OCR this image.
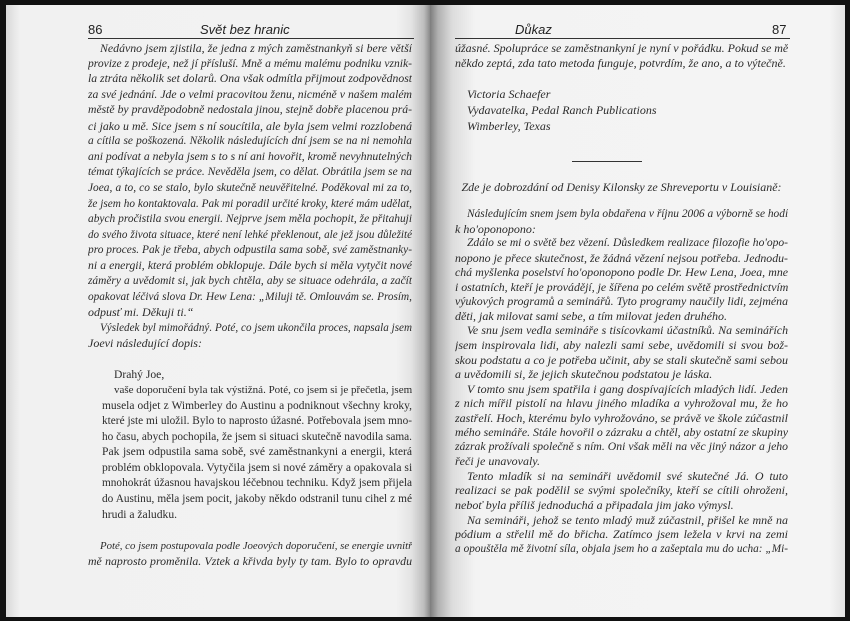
86	Svět bez hranic	Důkaz	87
Nedávno jsem zjistila, že jedna z mých zaměstnankyň si bere větší
provize z prodeje, než jí přísluší. Mně a mému malému podniku vznik-
la ztráta několik set dolarů. Ona však odmítla přijmout zodpovědnost
za své jednání. Jde o velmi pracovitou ženu, nicméně v našem malém
městě by pravděpodobně nedostala jinou, stejně dobře placenou prá-
ci jako u mě. Sice jsem s ní soucítila, ale byla jsem velmi rozzlobená
a cítila se poškozená. Několik následujících dní jsem se na ni nemohla
ani podívat a nebyla jsem s to s ní ani hovořit, kromě nevyhnutelných
témat týkajících se práce. Nevěděla jsem, co dělat. Obrátila jsem se na
Joea, a to, co se stalo, bylo skutečně neuvěřitelné. Poděkoval mi za to,
že jsem ho kontaktovala. Pak mi poradil určité kroky, které mám udělat,
abych pročistila svou energii. Nejprve jsem měla pochopit, že přitahuji
do svého života situace, které není lehké překlenout, ale jež jsou důležité
pro proces. Pak je třeba, abych odpustila sama sobě, své zaměstnanky-
ni a energii, která problém obklopuje. Dále bych si měla vytyčit nové
záměry a uvědomit si, jak bych chtěla, aby se situace odehrála, a začít
opakovat léčivá slova Dr. Hew Lena: „Miluji tě. Omlouvám se. Prosím,
odpusť mi. Děkuji ti.“
Výsledek byl mimořádný. Poté, co jsem ukončila proces, napsala jsem
Joevi následující dopis:
Drahý Joe,
vaše doporučení byla tak výstižná. Poté, co jsem si je přečetla, jsem
musela odjet z Wimberley do Austinu a podniknout všechny kroky,
které jste mi uložil. Bylo to naprosto úžasné. Potřebovala jsem mno-
ho času, abych pochopila, že jsem si situaci skutečně navodila sama.
Pak jsem odpustila sama sobě, své zaměstnankyni a energii, která
problém obklopovala. Vytyčila jsem si nové záměry a opakovala si
mnohokrát úžasnou havajskou léčebnou techniku. Když jsem přijela
do Austinu, měla jsem pocit, jakoby někdo odstranil tunu cihel z mé
hrudi a žaludku.
Poté, co jsem postupovala podle Joeových doporučení, se energie uvnitř
mě naprosto proměnila. Vztek a křivda byly ty tam. Bylo to opravdu
úžasné. Spolupráce se zaměstnankyní je nyní v pořádku. Pokud se mě
někdo zeptá, zda tato metoda funguje, potvrdím, že ano, a to výtečně.
Victoria Schaefer
Vydavatelka, Pedal Ranch Publications
Wimberley, Texas
Zde je dobrozdání od Denisy Kilonsky ze Shreveportu v Louisianě:
Následujícím snem jsem byla obdařena v říjnu 2006 a výborně se hodí
k ho'oponopono:
Zdálo se mi o světě bez vězení. Důsledkem realizace filozofie ho'opo-
nopono je přece skutečnost, že žádná vězení nejsou potřeba. Jednodu-
chá myšlenka poselství ho'oponopono podle Dr. Hew Lena, Joea, mne
i ostatních, kteří je provádějí, je šířena po celém světě prostřednictvím
výukových programů a seminářů. Tyto programy naučily lidi, zejména
děti, jak milovat sami sebe, a tím milovat jeden druhého.
Ve snu jsem vedla semináře s tisícovkami účastníků. Na seminářích
jsem inspirovala lidi, aby nalezli sami sebe, uvědomili si svou bož-
skou podstatu a co je potřeba učinit, aby se stali skutečně sami sebou
a uvědomili si, že jejich skutečnou podstatou je láska.
V tomto snu jsem spatřila i gang dospívajících mladých lidí. Jeden
z nich mířil pistolí na hlavu jiného mladíka a vyhrožoval mu, že ho
zastřelí. Hoch, kterému bylo vyhrožováno, se právě ve škole zúčastnil
mého semináře. Stále hovořil o zázraku a chtěl, aby ostatní ze skupiny
zázrak prožívali společně s ním. Oni však měli na věc jiný názor a jeho
řeči je unavovaly.
Tento mladík si na semináři uvědomil své skutečné Já. O tuto
realizaci se pak podělil se svými společníky, kteří se cítili ohroženi,
neboť byla příliš jednoduchá a připadala jim jako výmysl.
Na semináři, jehož se tento mladý muž zúčastnil, přišel ke mně na
pódium a střelil mě do břicha. Zatímco jsem ležela v krvi na zemi
a opouštěla mě životní síla, objala jsem ho a zašeptala mu do ucha: „Mi-
